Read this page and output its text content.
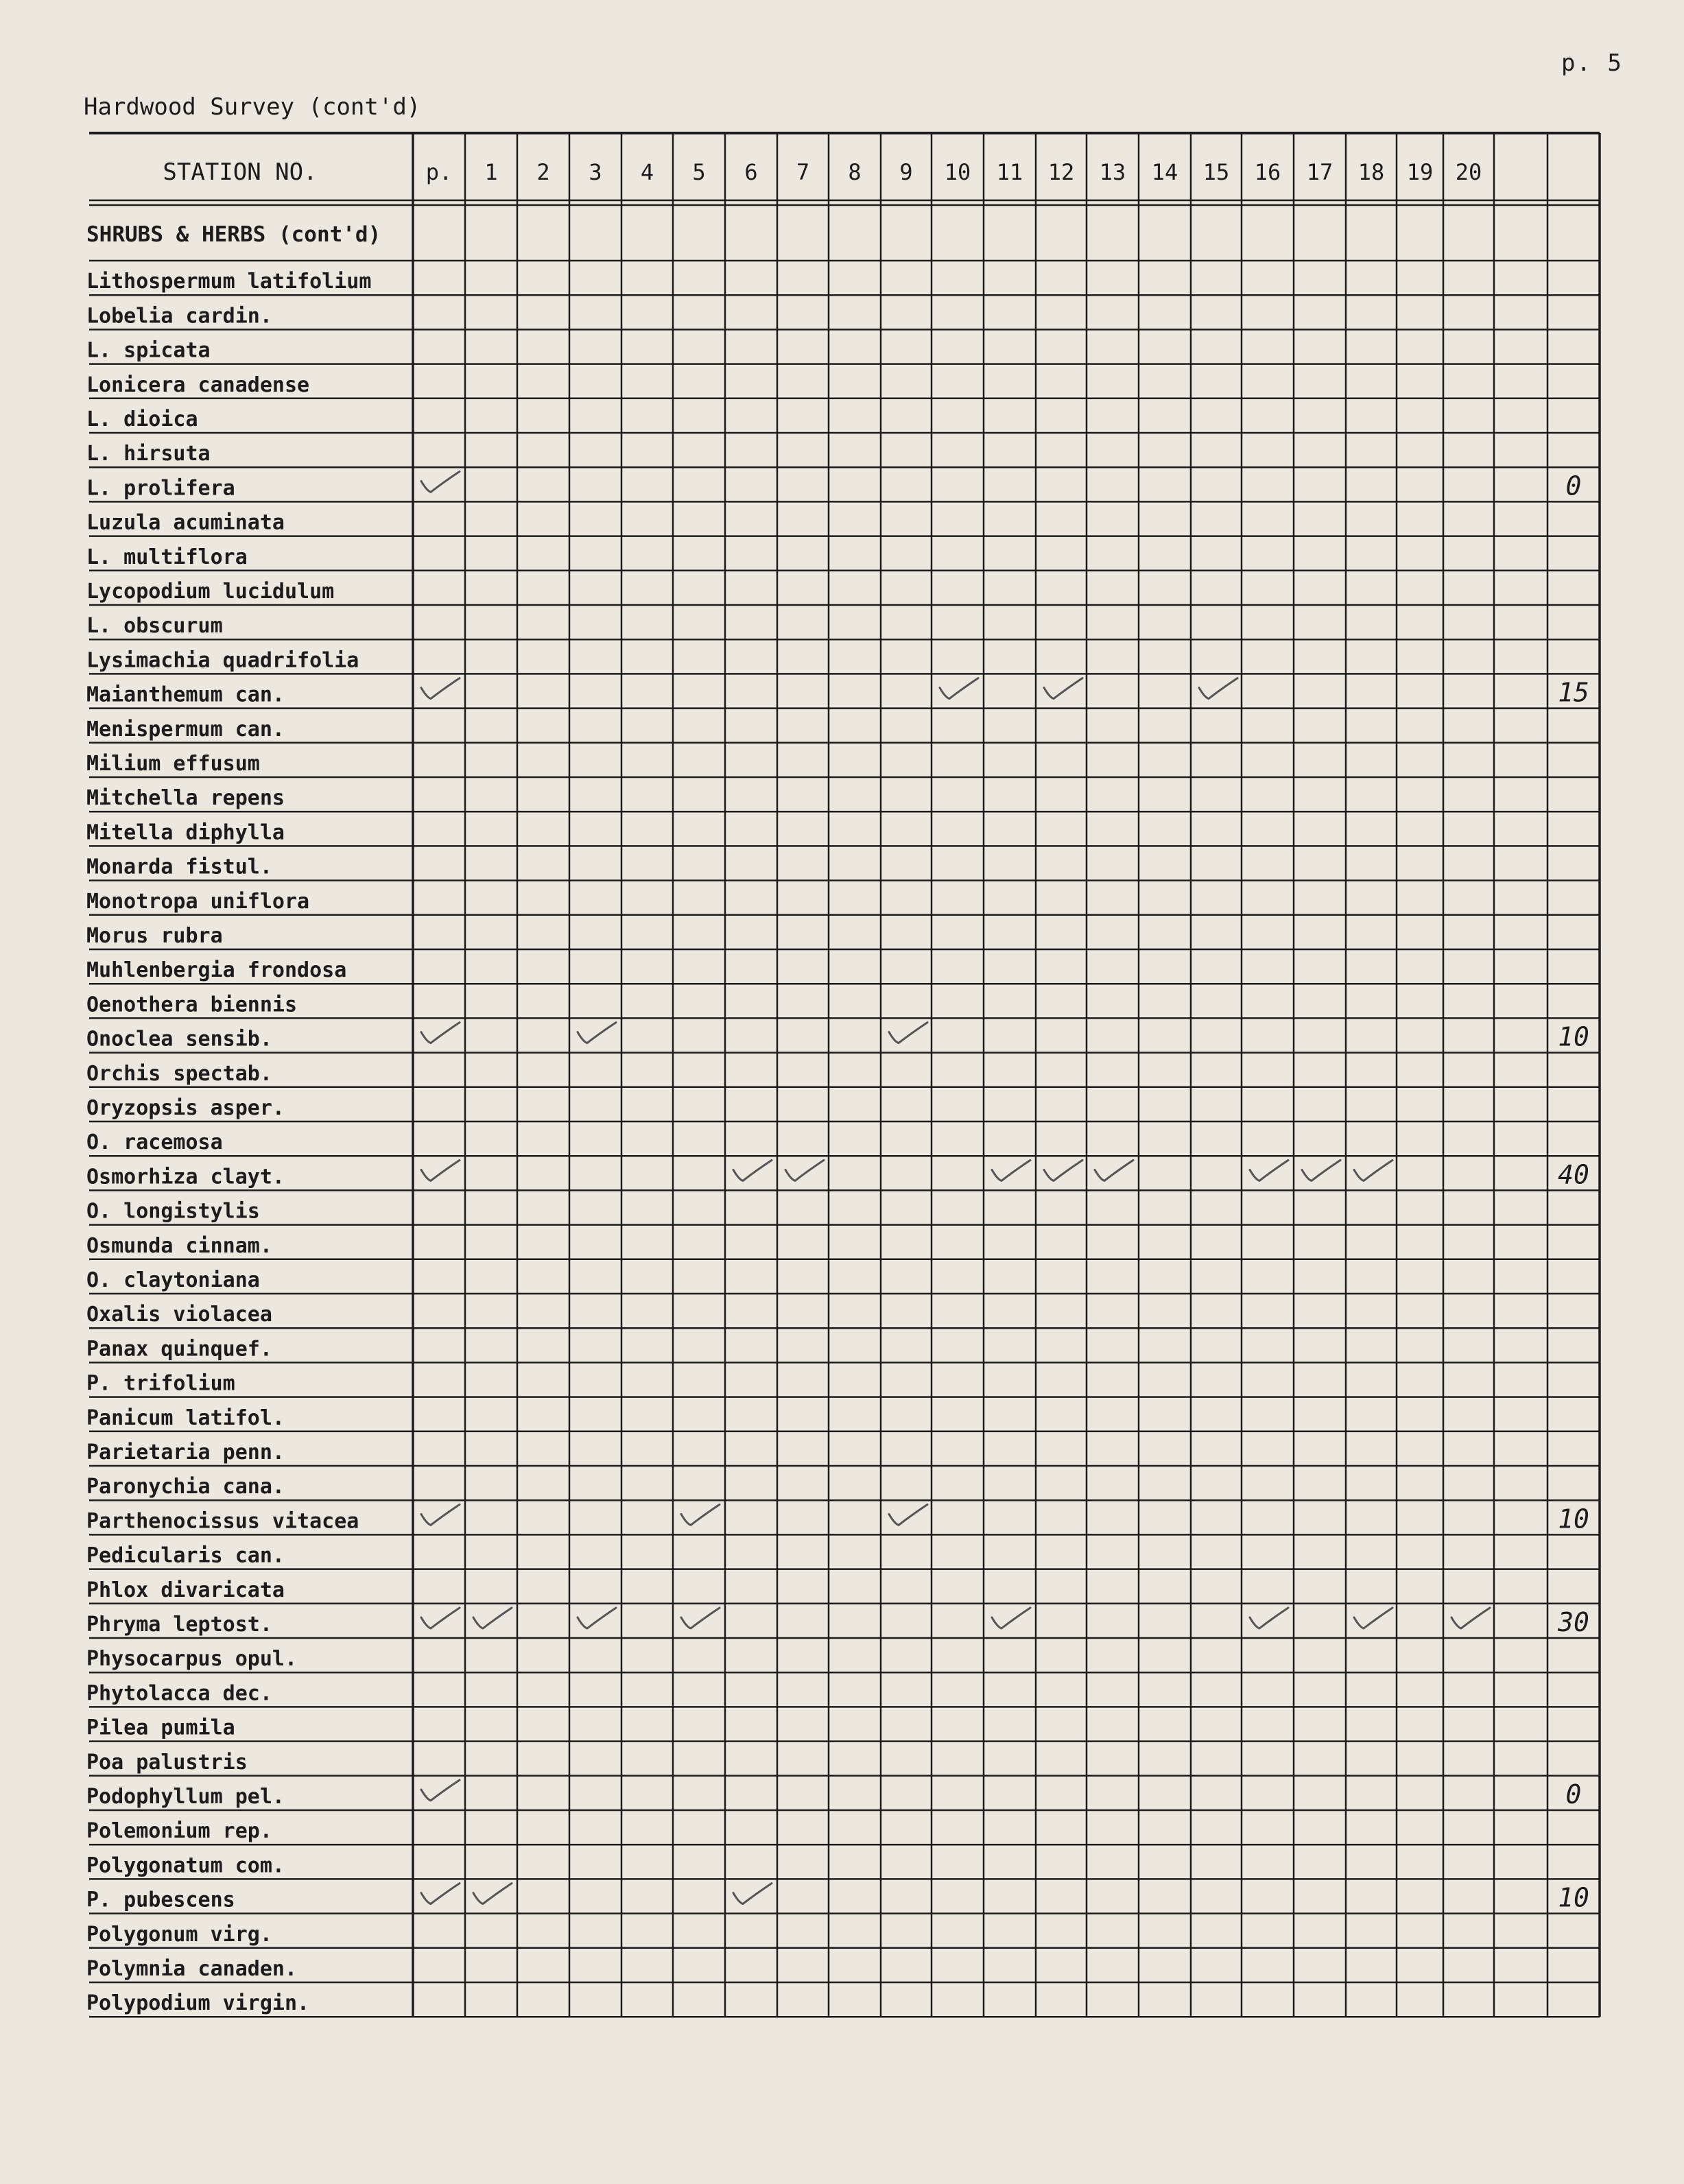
p. 5
Hardwood Survey (cont'd)
STATION NO.	p. 1 2 3 4 5 6 7 8 9 10 11 12 13 14 15 16 17 18 19 20
SHRUBS & HERBS (cont'd)
Lithospermum latifolium
Lobelia cardin.
L. spicata
Lonicera canadense
L. dioica
L. hirsuta
L. prolifera
Luzula acuminata
L. multiflora
Lycopodium lucidulum
L. obscurum
Lysimachia quadrifolia
Maianthemum can.
Menispermum can.
Milium effusum
Mitchella repens
Mitella diphylla
Monarda fistul.
Monotropa uniflora
Morus rubra
Muhlenbergia frondosa
Oenothera biennis
Onoclea sensib.
Orchis spectab.
Oryzopsis asper.
O. racemosa
Osmorhiza clayt.
O. longistylis
Osmunda cinnam.
O. claytoniana
Oxalis violacea
Panax quinquef.
P. trifolium
Panicum latifol.
Parietaria penn.
Paronychia cana.
Parthenocissus vitacea
Pedicularis can.
Phlox divaricata
Phryma leptost.
Physocarpus opul.
Phytolacca dec.
Pilea pumila
Poa palustris
Podophyllum pel.
Polemonium rep.
Polygonatum com.
P. pubescens
Polygonum virg.
Polymnia canaden.
Polypodium virgin.
0
15
10
40
10
30
0
10
